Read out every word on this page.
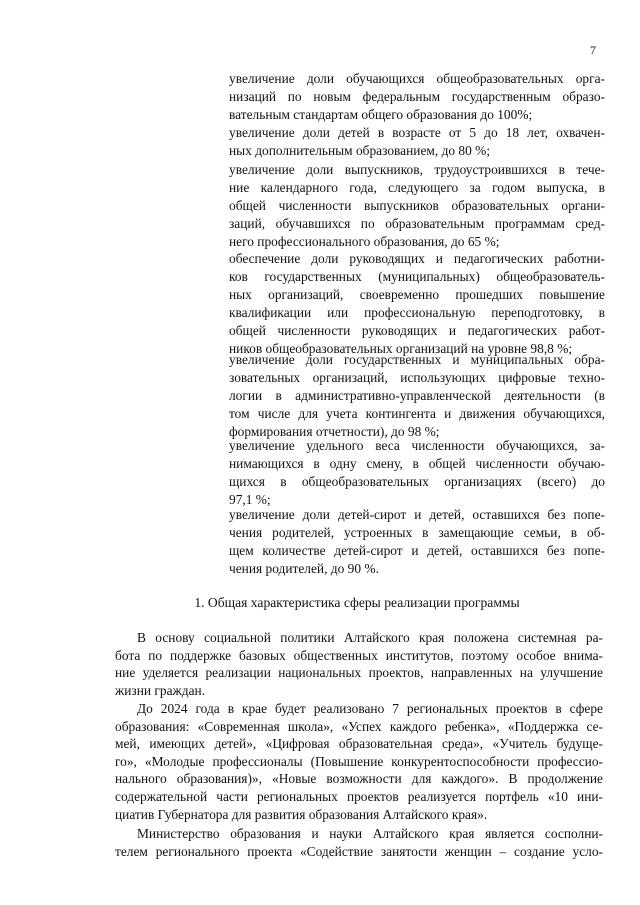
7
увеличение доли обучающихся общеобразовательных орга-
низаций по новым федеральным государственным образо-
вательным стандартам общего образования до 100%;
увеличение доли детей в возрасте от 5 до 18 лет, охвачен-
ных дополнительным образованием, до 80 %;
увеличение доли выпускников, трудоустроившихся в тече-
ние календарного года, следующего за годом выпуска, в
общей численности выпускников образовательных органи-
заций, обучавшихся по образовательным программам сред-
него профессионального образования, до 65 %;
обеспечение доли руководящих и педагогических работни-
ков государственных (муниципальных) общеобразователь-
ных организаций, своевременно прошедших повышение
квалификации или профессиональную переподготовку, в
общей численности руководящих и педагогических работ-
ников общеобразовательных организаций на уровне 98,8 %;
увеличение доли государственных и муниципальных обра-
зовательных организаций, использующих цифровые техно-
логии в административно-управленческой деятельности (в
том числе для учета контингента и движения обучающихся,
формирования отчетности), до 98 %;
увеличение удельного веса численности обучающихся, за-
нимающихся в одну смену, в общей численности обучаю-
щихся в общеобразовательных организациях (всего) до
97,1 %;
увеличение доли детей-сирот и детей, оставшихся без попе-
чения родителей, устроенных в замещающие семьи, в об-
щем количестве детей-сирот и детей, оставшихся без попе-
чения родителей, до 90 %.
1. Общая характеристика сферы реализации программы
В основу социальной политики Алтайского края положена системная ра-
бота по поддержке базовых общественных институтов, поэтому особое внима-
ние уделяется реализации национальных проектов, направленных на улучшение
жизни граждан.
До 2024 года в крае будет реализовано 7 региональных проектов в сфере
образования: «Современная школа», «Успех каждого ребенка», «Поддержка се-
мей, имеющих детей», «Цифровая образовательная среда», «Учитель будуще-
го», «Молодые профессионалы (Повышение конкурентоспособности профессио-
нального образования)», «Новые возможности для каждого». В продолжение
содержательной части региональных проектов реализуется портфель «10 ини-
циатив Губернатора для развития образования Алтайского края».
Министерство образования и науки Алтайского края является сосполни-
телем регионального проекта «Содействие занятости женщин – создание усло-
